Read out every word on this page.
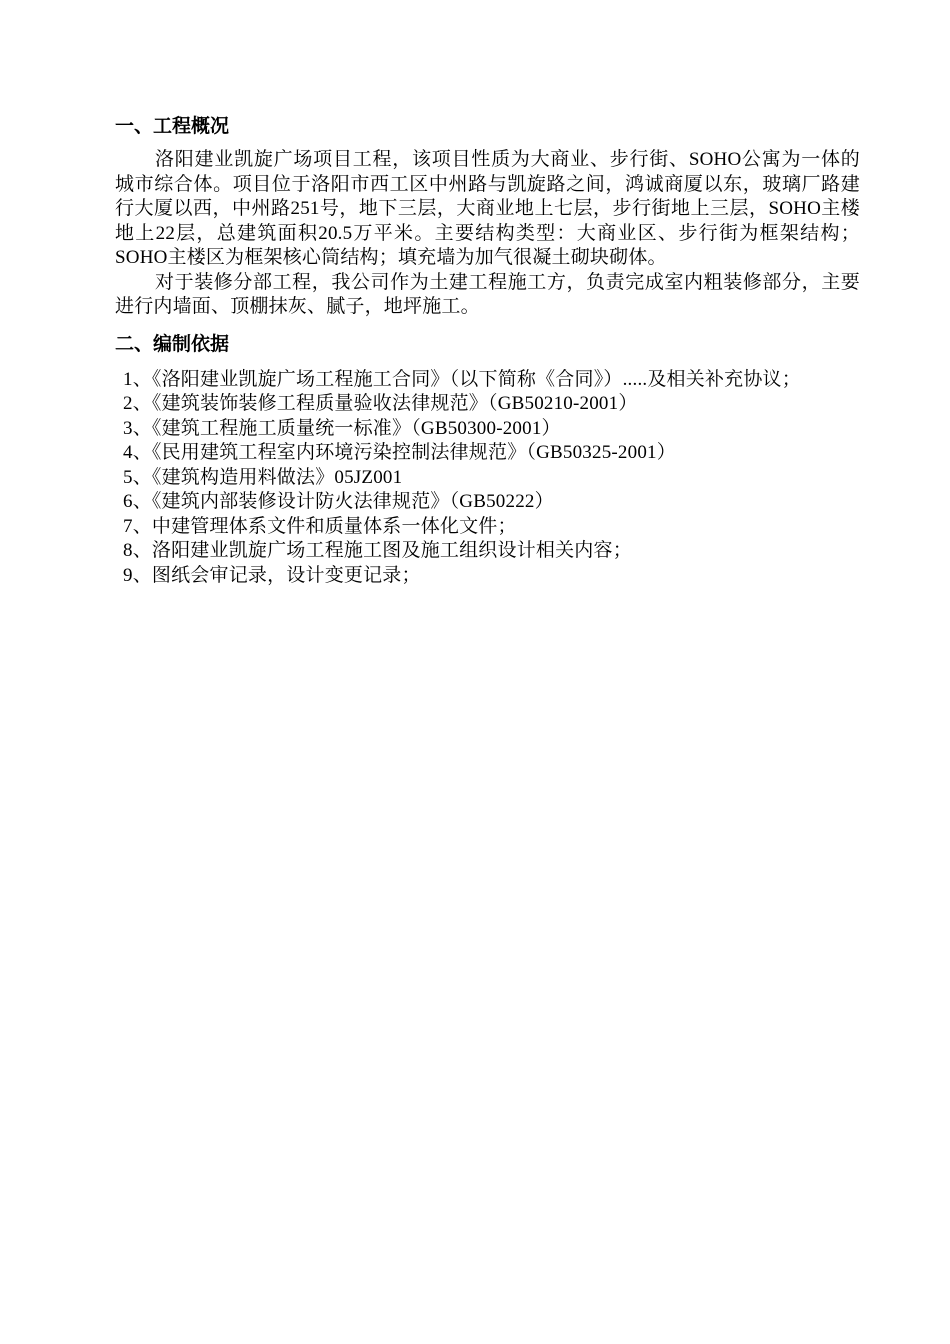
一、工程概况

洛阳建业凯旋广场项目工程，该项目性质为大商业、步行街、SOHO公寓为一体的城市综合体。项目位于洛阳市西工区中州路与凯旋路之间，鸿诚商厦以东，玻璃厂路建行大厦以西，中州路251号，地下三层，大商业地上七层，步行街地上三层，SOHO主楼地上22层，总建筑面积20.5万平米。主要结构类型：大商业区、步行街为框架结构；SOHO主楼区为框架核心筒结构；填充墙为加气很凝土砌块砌体。

对于装修分部工程，我公司作为土建工程施工方，负责完成室内粗装修部分，主要进行内墙面、顶棚抹灰、腻子，地坪施工。

二、编制依据
1、《洛阳建业凯旋广场工程施工合同》（以下简称《合同》）.....及相关补充协议；
2、《建筑装饰装修工程质量验收法律规范》（GB50210-2001）
3、《建筑工程施工质量统一标准》（GB50300-2001）
4、《民用建筑工程室内环境污染控制法律规范》（GB50325-2001）
5、《建筑构造用料做法》05JZ001
6、《建筑内部装修设计防火法律规范》（GB50222）
7、中建管理体系文件和质量体系一体化文件；
8、洛阳建业凯旋广场工程施工图及施工组织设计相关内容；
9、图纸会审记录，设计变更记录；
